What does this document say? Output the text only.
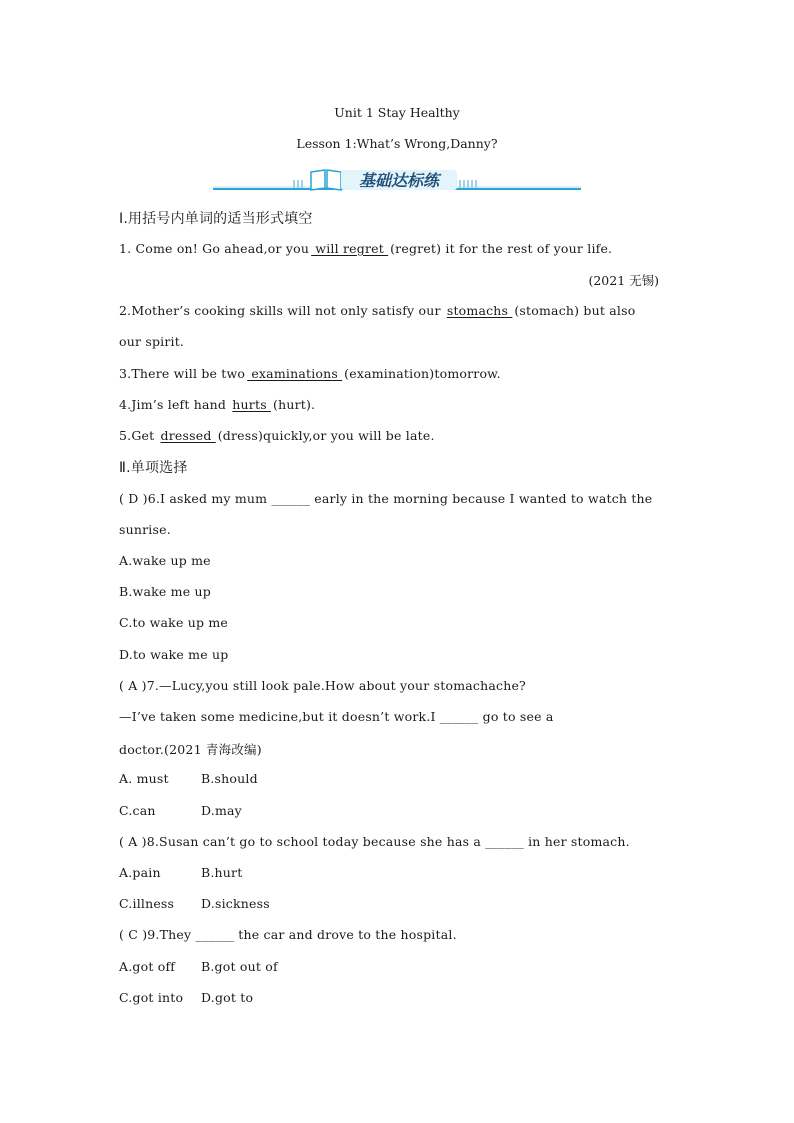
Unit 1 Stay Healthy
Lesson 1:What’s Wrong,Danny?
基础达标练
Ⅰ.用括号内单词的适当形式填空
1. Come on! Go ahead,or you will regret (regret) it for the rest of your life.
(2021 无锡)
2.Mother’s cooking skills will not only satisfy our stomachs (stomach) but also
our spirit.
3.There will be two examinations (examination)tomorrow.
4.Jim’s left hand hurts (hurt).
5.Get dressed (dress)quickly,or you will be late.
Ⅱ.单项选择
( D )6.I asked my mum ______ early in the morning because I wanted to watch the
sunrise.
A.wake up me
B.wake me up
C.to wake up me
D.to wake me up
( A )7.—Lucy,you still look pale.How about your stomachache?
—I’ve taken some medicine,but it doesn’t work.I ______ go to see a
doctor.(2021 青海改编)
A. must	B.should
C.can	D.may
( A )8.Susan can’t go to school today because she has a ______ in her stomach.
A.pain	B.hurt
C.illness D.sickness
( C )9.They ______ the car and drove to the hospital.
A.got off B.got out of
C.got into D.got to
